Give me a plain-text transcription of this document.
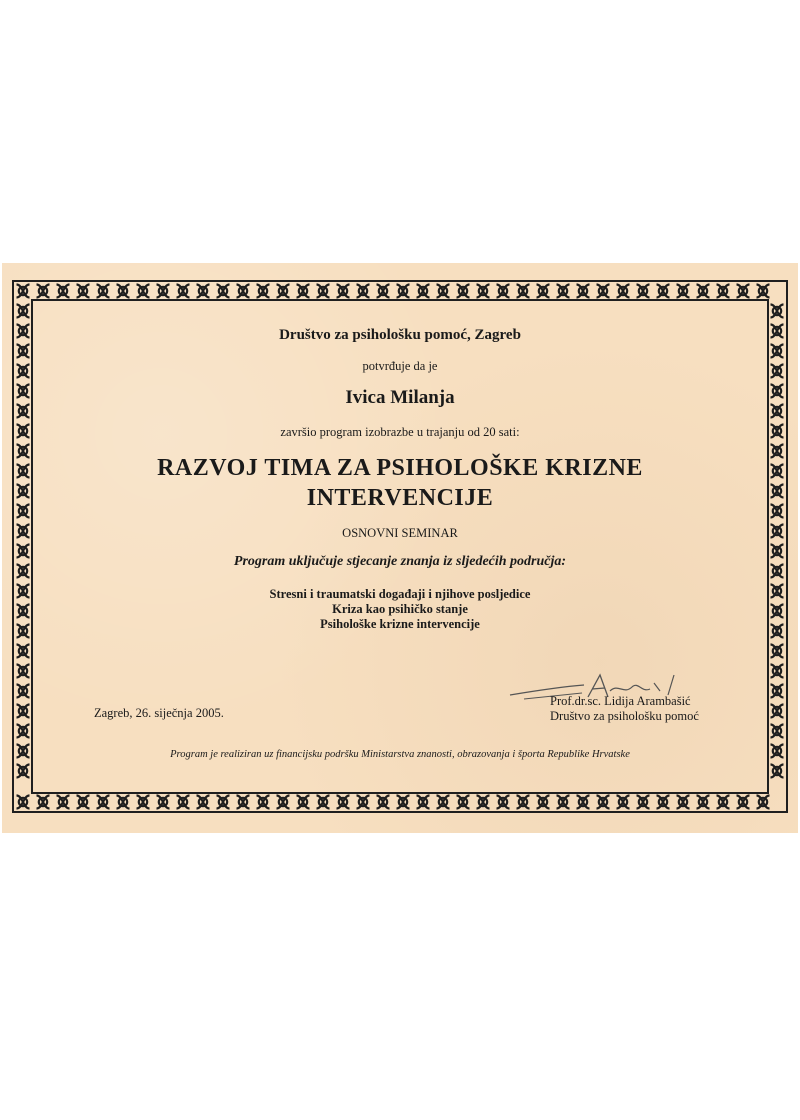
Društvo za psihološku pomoć, Zagreb
potvrđuje da je
Ivica Milanja
završio program izobrazbe u trajanju od 20 sati:
RAZVOJ TIMA ZA PSIHOLOŠKE KRIZNE
INTERVENCIJE
OSNOVNI SEMINAR
Program uključuje stjecanje znanja iz sljedećih područja:
Stresni i traumatski događaji i njihove posljedice
Kriza kao psihičko stanje
Psihološke krizne intervencije
Zagreb, 26. siječnja 2005.
Prof.dr.sc. Lidija Arambašić
Društvo za psihološku pomoć
Program je realiziran uz financijsku podršku Ministarstva znanosti, obrazovanja i športa Republike Hrvatske
